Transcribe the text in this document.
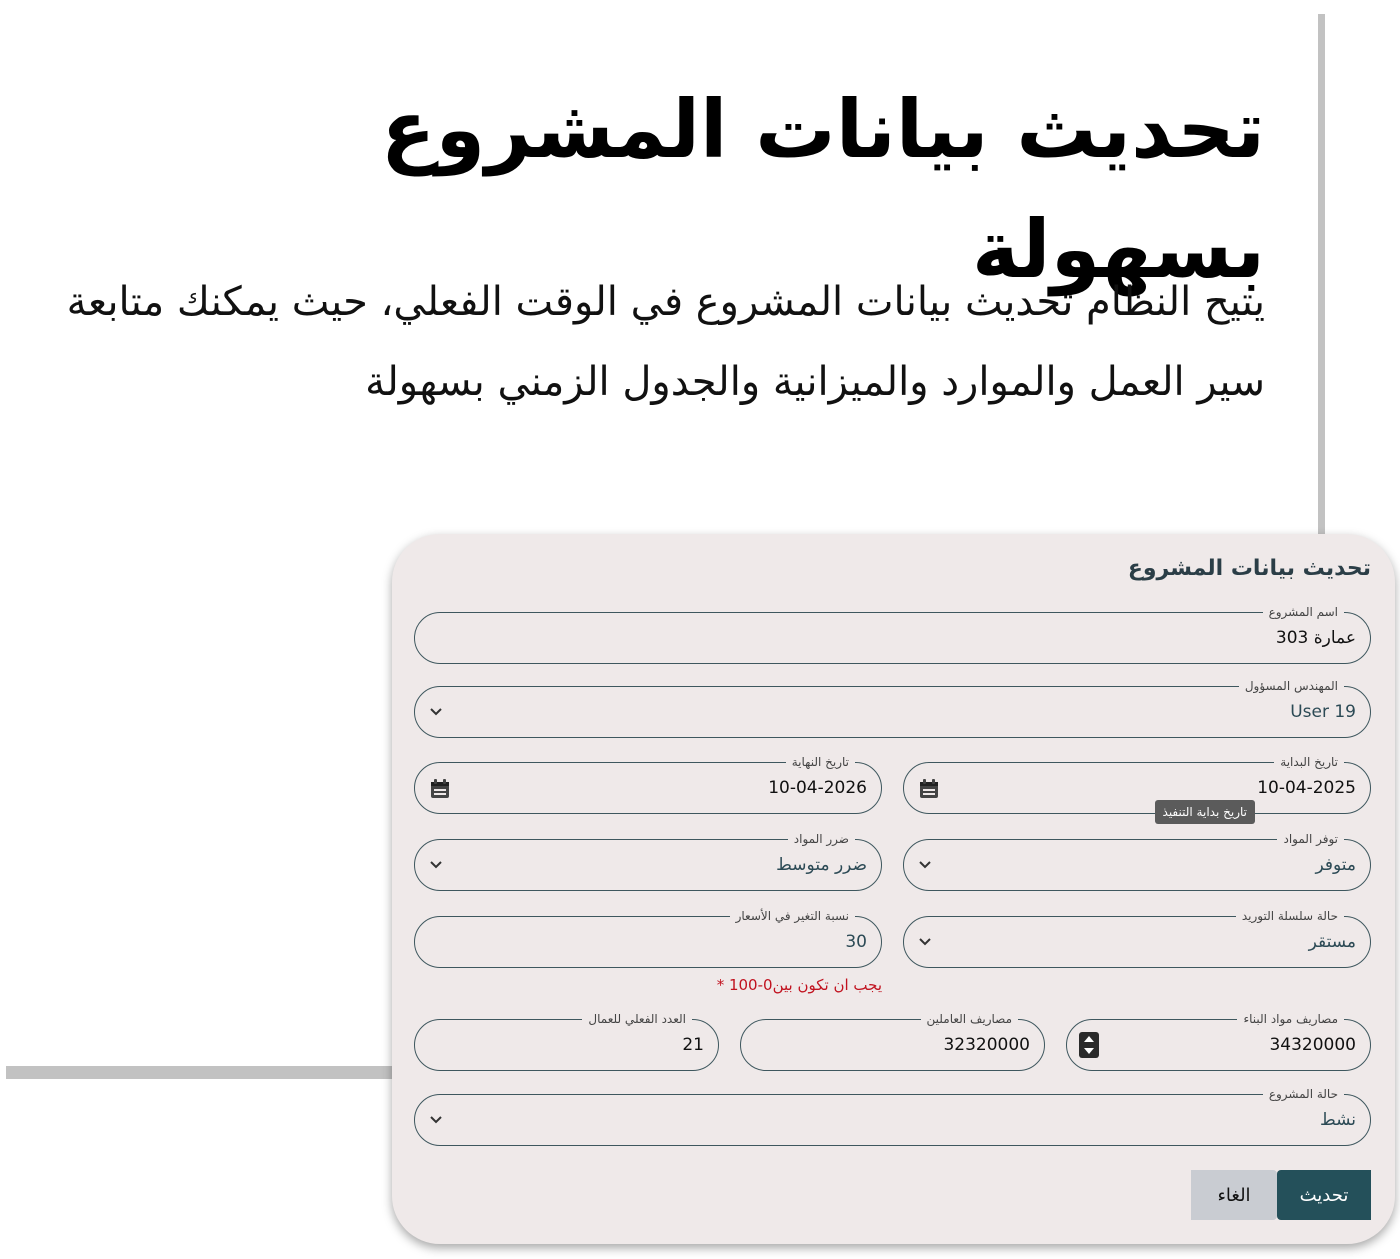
تحديث بيانات المشروع بسهولة

يتيح النظام تحديث بيانات المشروع في الوقت الفعلي، حيث يمكنك متابعة سير العمل والموارد والميزانية والجدول الزمني بسهولة

تحديث بيانات المشروع
اسم المشروع
عمارة 303
المهندس المسؤول
User 19
تاريخ البداية
10-04-2025
تاريخ النهاية
10-04-2026
توفر المواد
متوفر
ضرر المواد
ضرر متوسط
حالة سلسلة التوريد
مستقر
نسبة التغير في الأسعار
30
يجب ان تكون بين0-100 *
مصاريف مواد البناء
34320000
مصاريف العاملين
32320000
العدد الفعلي للعمال
21
حالة المشروع
نشط
تاريخ بداية التنفيذ
تحديث
الغاء
